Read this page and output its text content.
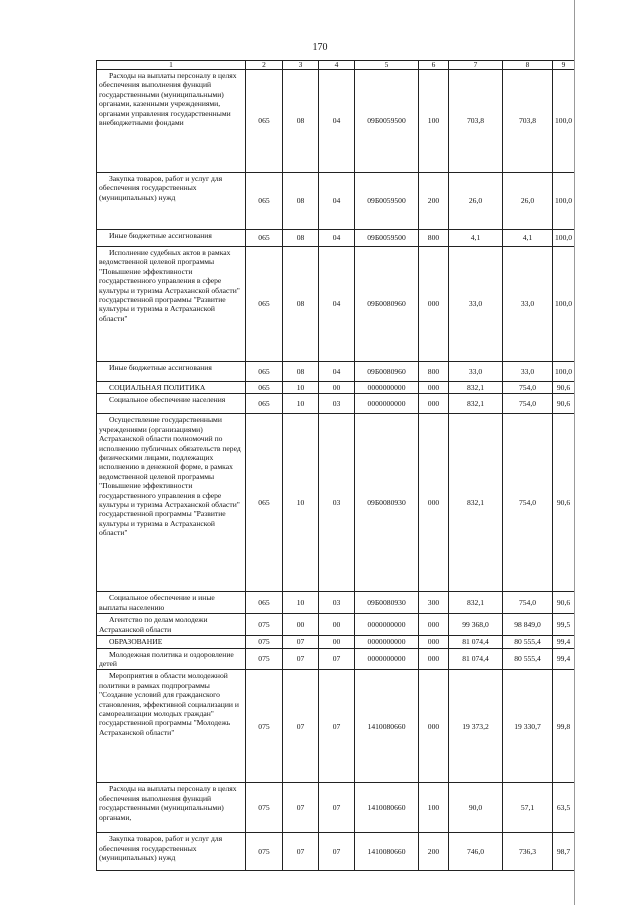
170
1	2	3	4	5	6	7	8	9
Расходы на выплаты персоналу в целях обеспечения выполнения функций государственными (муниципальными) органами, казенными учреждениями, органами управления государственными внебюджетными фондами	065	08	04	09Б0059500	100	703,8	703,8	100,0
Закупка товаров, работ и услуг для обеспечения государственных (муниципальных) нужд	065	08	04	09Б0059500	200	26,0	26,0	100,0
Иные бюджетные ассигнования	065	08	04	09Б0059500	800	4,1	4,1	100,0
Исполнение судебных актов в рамках ведомственной целевой программы "Повышение эффективности государственного управления в сфере культуры и туризма Астраханской области" государственной программы "Развитие культуры и туризма в Астраханской области"	065	08	04	09Б0080960	000	33,0	33,0	100,0
Иные бюджетные ассигнования	065	08	04	09Б0080960	800	33,0	33,0	100,0
СОЦИАЛЬНАЯ ПОЛИТИКА	065	10	00	0000000000	000	832,1	754,0	90,6
Социальное обеспечение населения	065	10	03	0000000000	000	832,1	754,0	90,6
Осуществление государственными учреждениями (организациями) Астраханской области полномочий по исполнению публичных обязательств перед физическими лицами, подлежащих исполнению в денежной форме, в рамках ведомственной целевой программы "Повышение эффективности государственного управления в сфере культуры и туризма Астраханской области" государственной программы "Развитие культуры и туризма в Астраханской области"	065	10	03	09Б0080930	000	832,1	754,0	90,6
Социальное обеспечение и иные выплаты населению	065	10	03	09Б0080930	300	832,1	754,0	90,6
Агентство по делам молодежи Астраханской области	075	00	00	0000000000	000	99 368,0	98 849,0	99,5
ОБРАЗОВАНИЕ	075	07	00	0000000000	000	81 074,4	80 555,4	99,4
Молодежная политика и оздоровление детей	075	07	07	0000000000	000	81 074,4	80 555,4	99,4
Мероприятия в области молодежной политики в рамках подпрограммы "Создание условий для гражданского становления, эффективной социализации и самореализации молодых граждан" государственной программы "Молодежь Астраханской области"	075	07	07	1410080660	000	19 373,2	19 330,7	99,8
Расходы на выплаты персоналу в целях обеспечения выполнения функций государственными (муниципальными) органами,	075	07	07	1410080660	100	90,0	57,1	63,5
Закупка товаров, работ и услуг для обеспечения государственных (муниципальных) нужд	075	07	07	1410080660	200	746,0	736,3	98,7
